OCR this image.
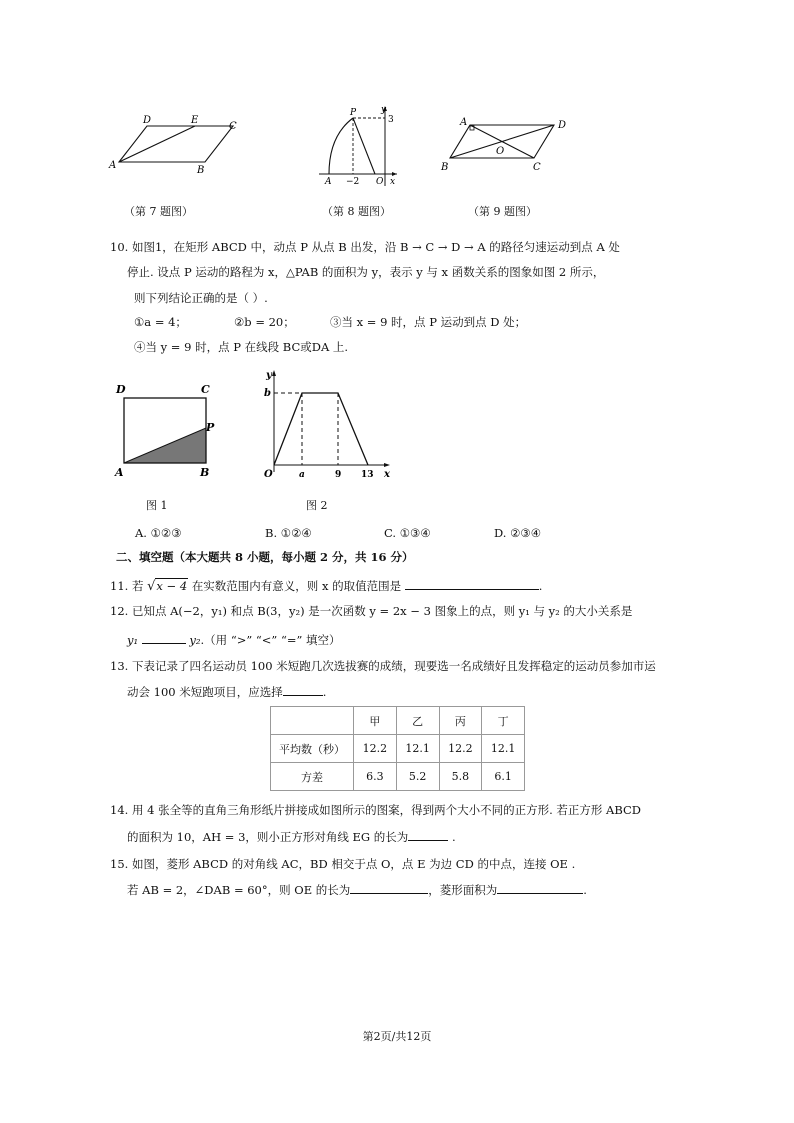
D	E
C
A	B
（第 7 题图）
P	y
3
A −2 O x
（第 8 题图）
A	D
O
B	C
（第 9 题图）
10. 如图1，在矩形 ABCD 中，动点 P 从点 B 出发，沿 B → C → D → A 的路径匀速运动到点 A 处
停止. 设点 P 运动的路程为 x，△PAB 的面积为 y，表示 y 与 x 函数关系的图象如图 2 所示，
则下列结论正确的是（ ）.
①a = 4；	②b = 20；	③当 x = 9 时，点 P 运动到点 D 处；
④当 y = 9 时，点 P 在线段 BC或DA 上.
D	C
P
A	B
图 1
y
b
O	a	9 13 x
图 2
A. ①②③	B. ①②④	C. ①③④	D. ②③④
二、填空题（本大题共 8 小题，每小题 2 分，共 16 分）
11. 若 √x − 4 在实数范围内有意义，则 x 的取值范围是	.
12. 已知点 A(−2，y₁) 和点 B(3，y₂) 是一次函数 y = 2x − 3 图象上的点，则 y₁ 与 y₂ 的大小关系是
y₁	y₂.（用 “>” “<” “=” 填空）
13. 下表记录了四名运动员 100 米短跑几次选拔赛的成绩，现要选一名成绩好且发挥稳定的运动员参加市运
动会 100 米短跑项目，应选择	.
	甲	乙	丙	丁
平均数（秒）	12.2	12.1	12.2	12.1
方差	6.3	5.2	5.8	6.1
14. 用 4 张全等的直角三角形纸片拼接成如图所示的图案，得到两个大小不同的正方形. 若正方形 ABCD
的面积为 10，AH = 3，则小正方形对角线 EG 的长为	.
15. 如图，菱形 ABCD 的对角线 AC，BD 相交于点 O，点 E 为边 CD 的中点，连接 OE .
若 AB = 2，∠DAB = 60°，则 OE 的长为	，菱形面积为	.
第2页/共12页
